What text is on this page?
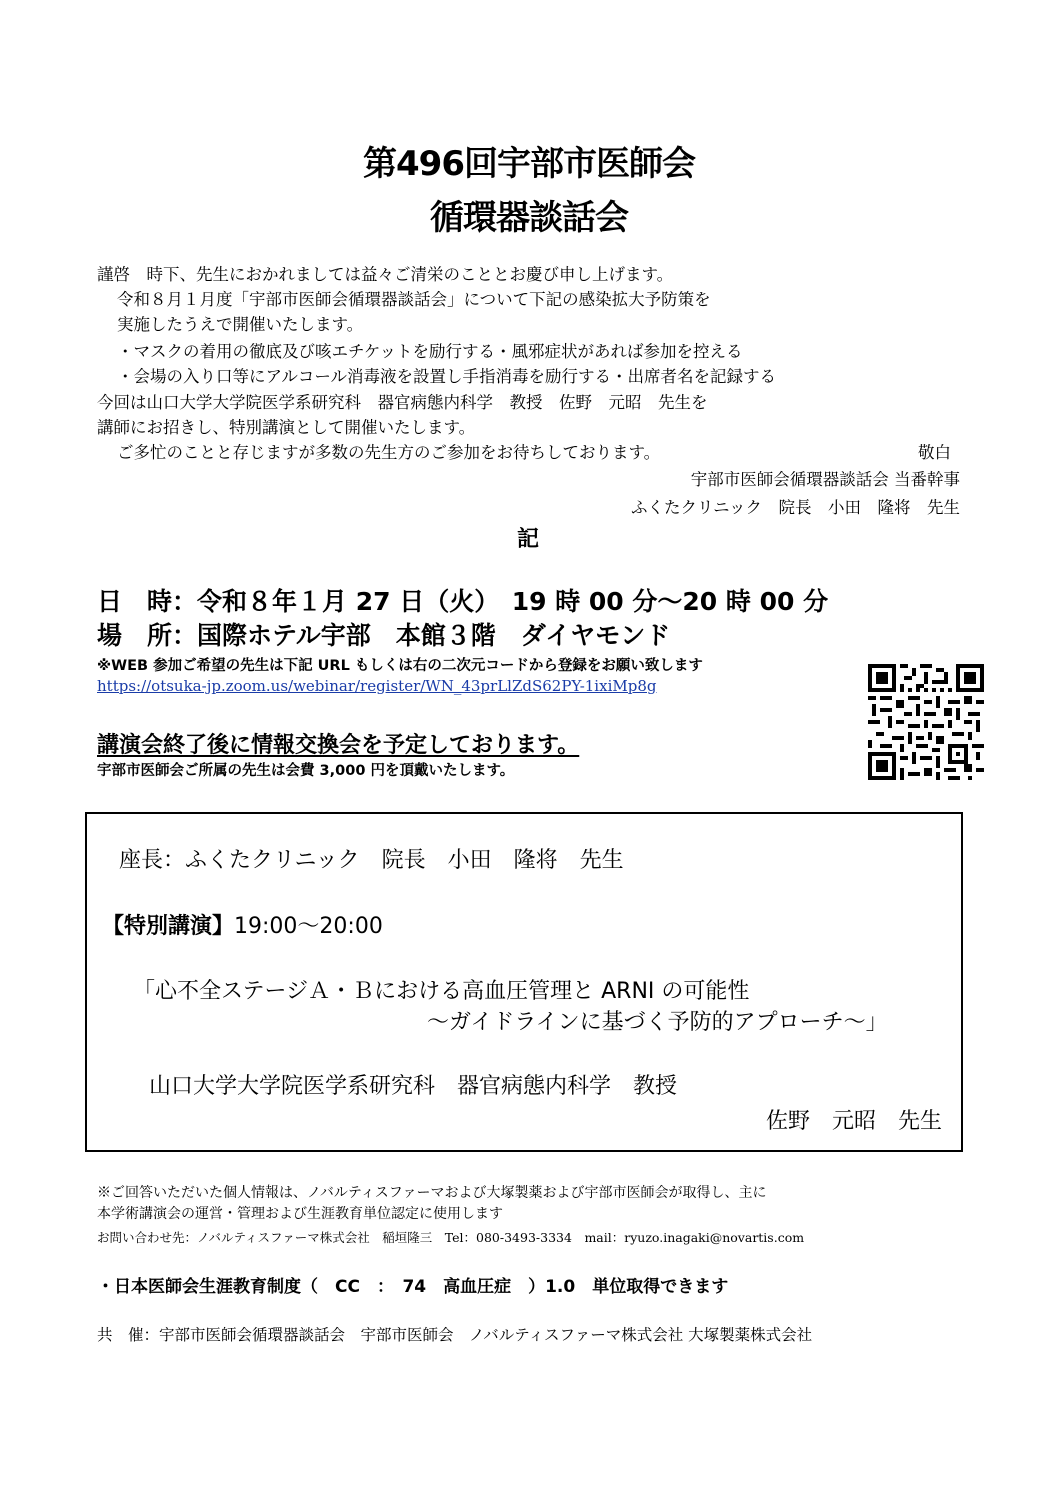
第496回宇部市医師会
循環器談話会
謹啓　時下、先生におかれましては益々ご清栄のこととお慶び申し上げます。
令和８月１月度「宇部市医師会循環器談話会」について下記の感染拡大予防策を
実施したうえで開催いたします。
・マスクの着用の徹底及び咳エチケットを励行する・風邪症状があれば参加を控える
・会場の入り口等にアルコール消毒液を設置し手指消毒を励行する・出席者名を記録する
今回は山口大学大学院医学系研究科　器官病態内科学　教授　佐野　元昭　先生を
講師にお招きし、特別講演として開催いたします。
ご多忙のことと存じますが多数の先生方のご参加をお待ちしております。	敬白
宇部市医師会循環器談話会 当番幹事
ふくたクリニック　院長　小田　隆将　先生
記
日　時：令和８年１月 27 日（火）　19 時 00 分～20 時 00 分
場　所：国際ホテル宇部　本館３階　ダイヤモンド
※WEB 参加ご希望の先生は下記 URL もしくは右の二次元コードから登録をお願い致します
https://otsuka-jp.zoom.us/webinar/register/WN_43prLlZdS62PY-1ixiMp8g
講演会終了後に情報交換会を予定しております。
宇部市医師会ご所属の先生は会費 3,000 円を頂戴いたします。
座長：ふくたクリニック　院長　小田　隆将　先生
【特別講演】19:00～20:00
「心不全ステージＡ・Ｂにおける高血圧管理と ARNI の可能性
～ガイドラインに基づく予防的アプローチ～」
山口大学大学院医学系研究科　器官病態内科学　教授
佐野　元昭　先生
※ご回答いただいた個人情報は、ノバルティスファーマおよび大塚製薬および宇部市医師会が取得し、主に
本学術講演会の運営・管理および生涯教育単位認定に使用します
お問い合わせ先：ノバルティスファーマ株式会社　稲垣隆三　Tel：080-3493-3334　mail：ryuzo.inagaki@novartis.com
・日本医師会生涯教育制度（　CC　：　74　高血圧症　）1.0　単位取得できます
共　催：宇部市医師会循環器談話会　宇部市医師会　ノバルティスファーマ株式会社 大塚製薬株式会社
